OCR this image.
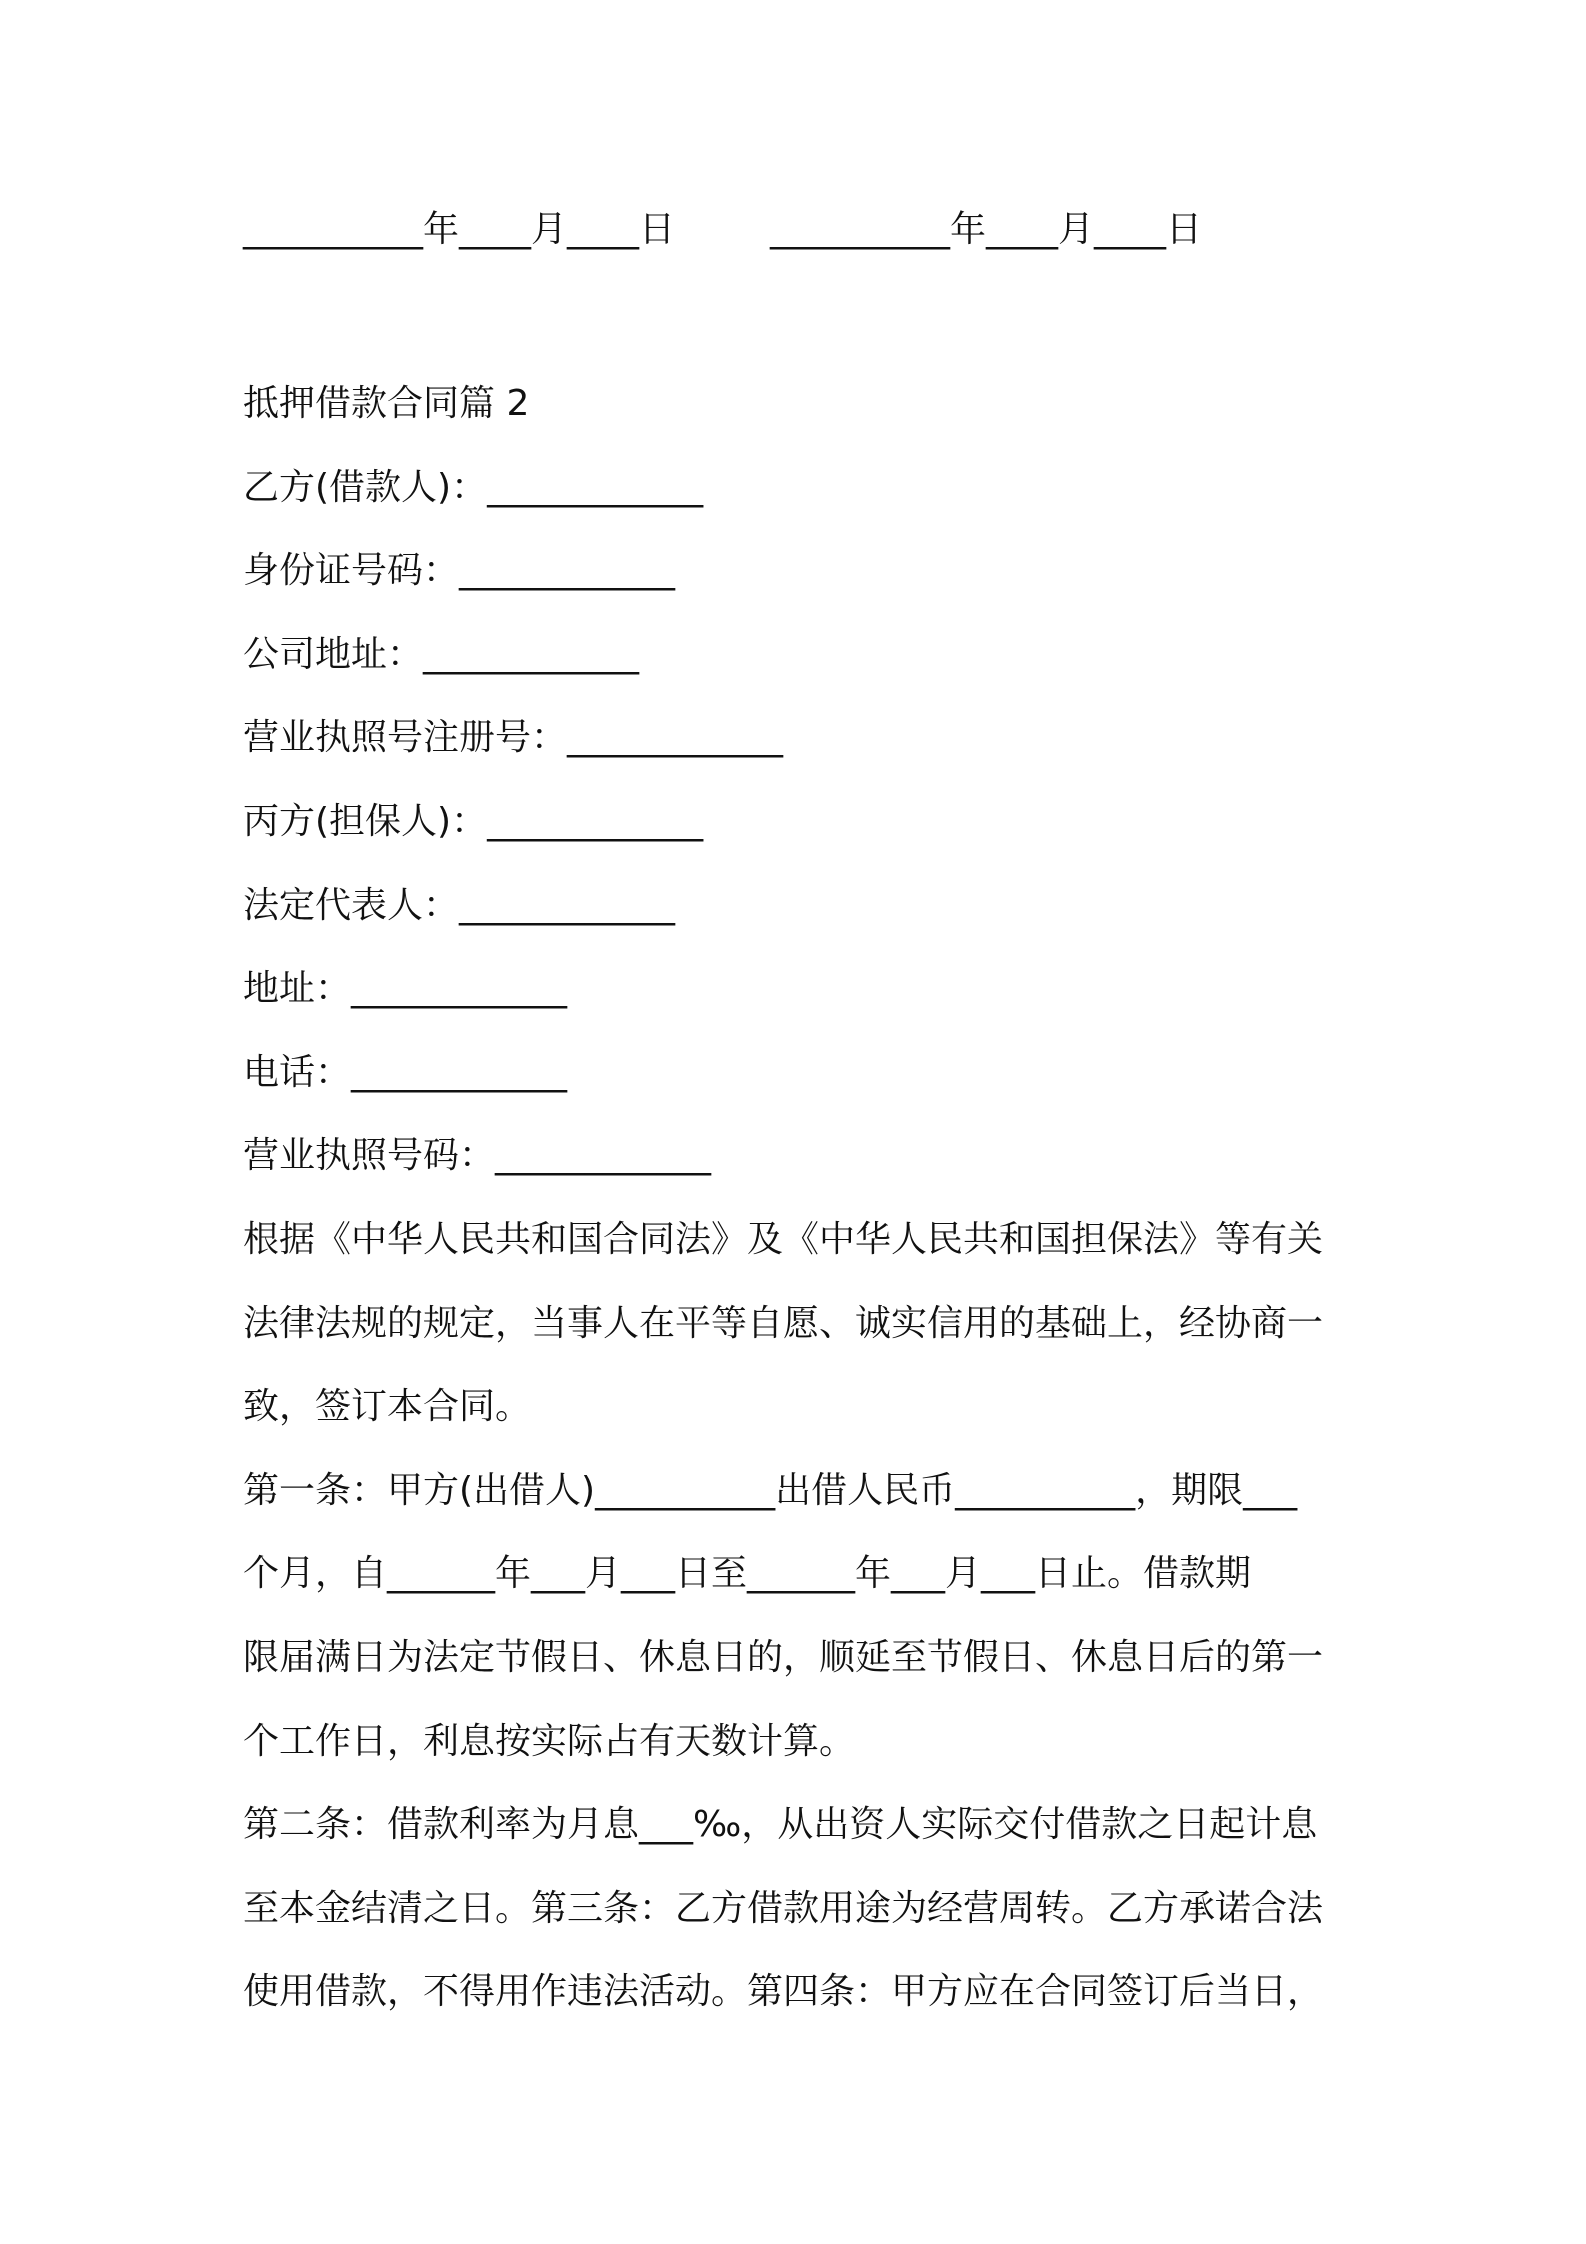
__________年____月____日	__________年____月____日
抵押借款合同篇 2
乙方(借款人)：____________
身份证号码：____________
公司地址：____________
营业执照号注册号：____________
丙方(担保人)：____________
法定代表人：____________
地址：____________
电话：____________
营业执照号码：____________
根据《中华人民共和国合同法》及《中华人民共和国担保法》等有关
法律法规的规定，当事人在平等自愿、诚实信用的基础上，经协商一
致，签订本合同。
第一条：甲方(出借人)__________出借人民币__________，期限___
个月，自______年___月___日至______年___月___日止。借款期
限届满日为法定节假日、休息日的，顺延至节假日、休息日后的第一
个工作日，利息按实际占有天数计算。
第二条：借款利率为月息___‰，从出资人实际交付借款之日起计息
至本金结清之日。第三条：乙方借款用途为经营周转。乙方承诺合法
使用借款，不得用作违法活动。第四条：甲方应在合同签订后当日，
